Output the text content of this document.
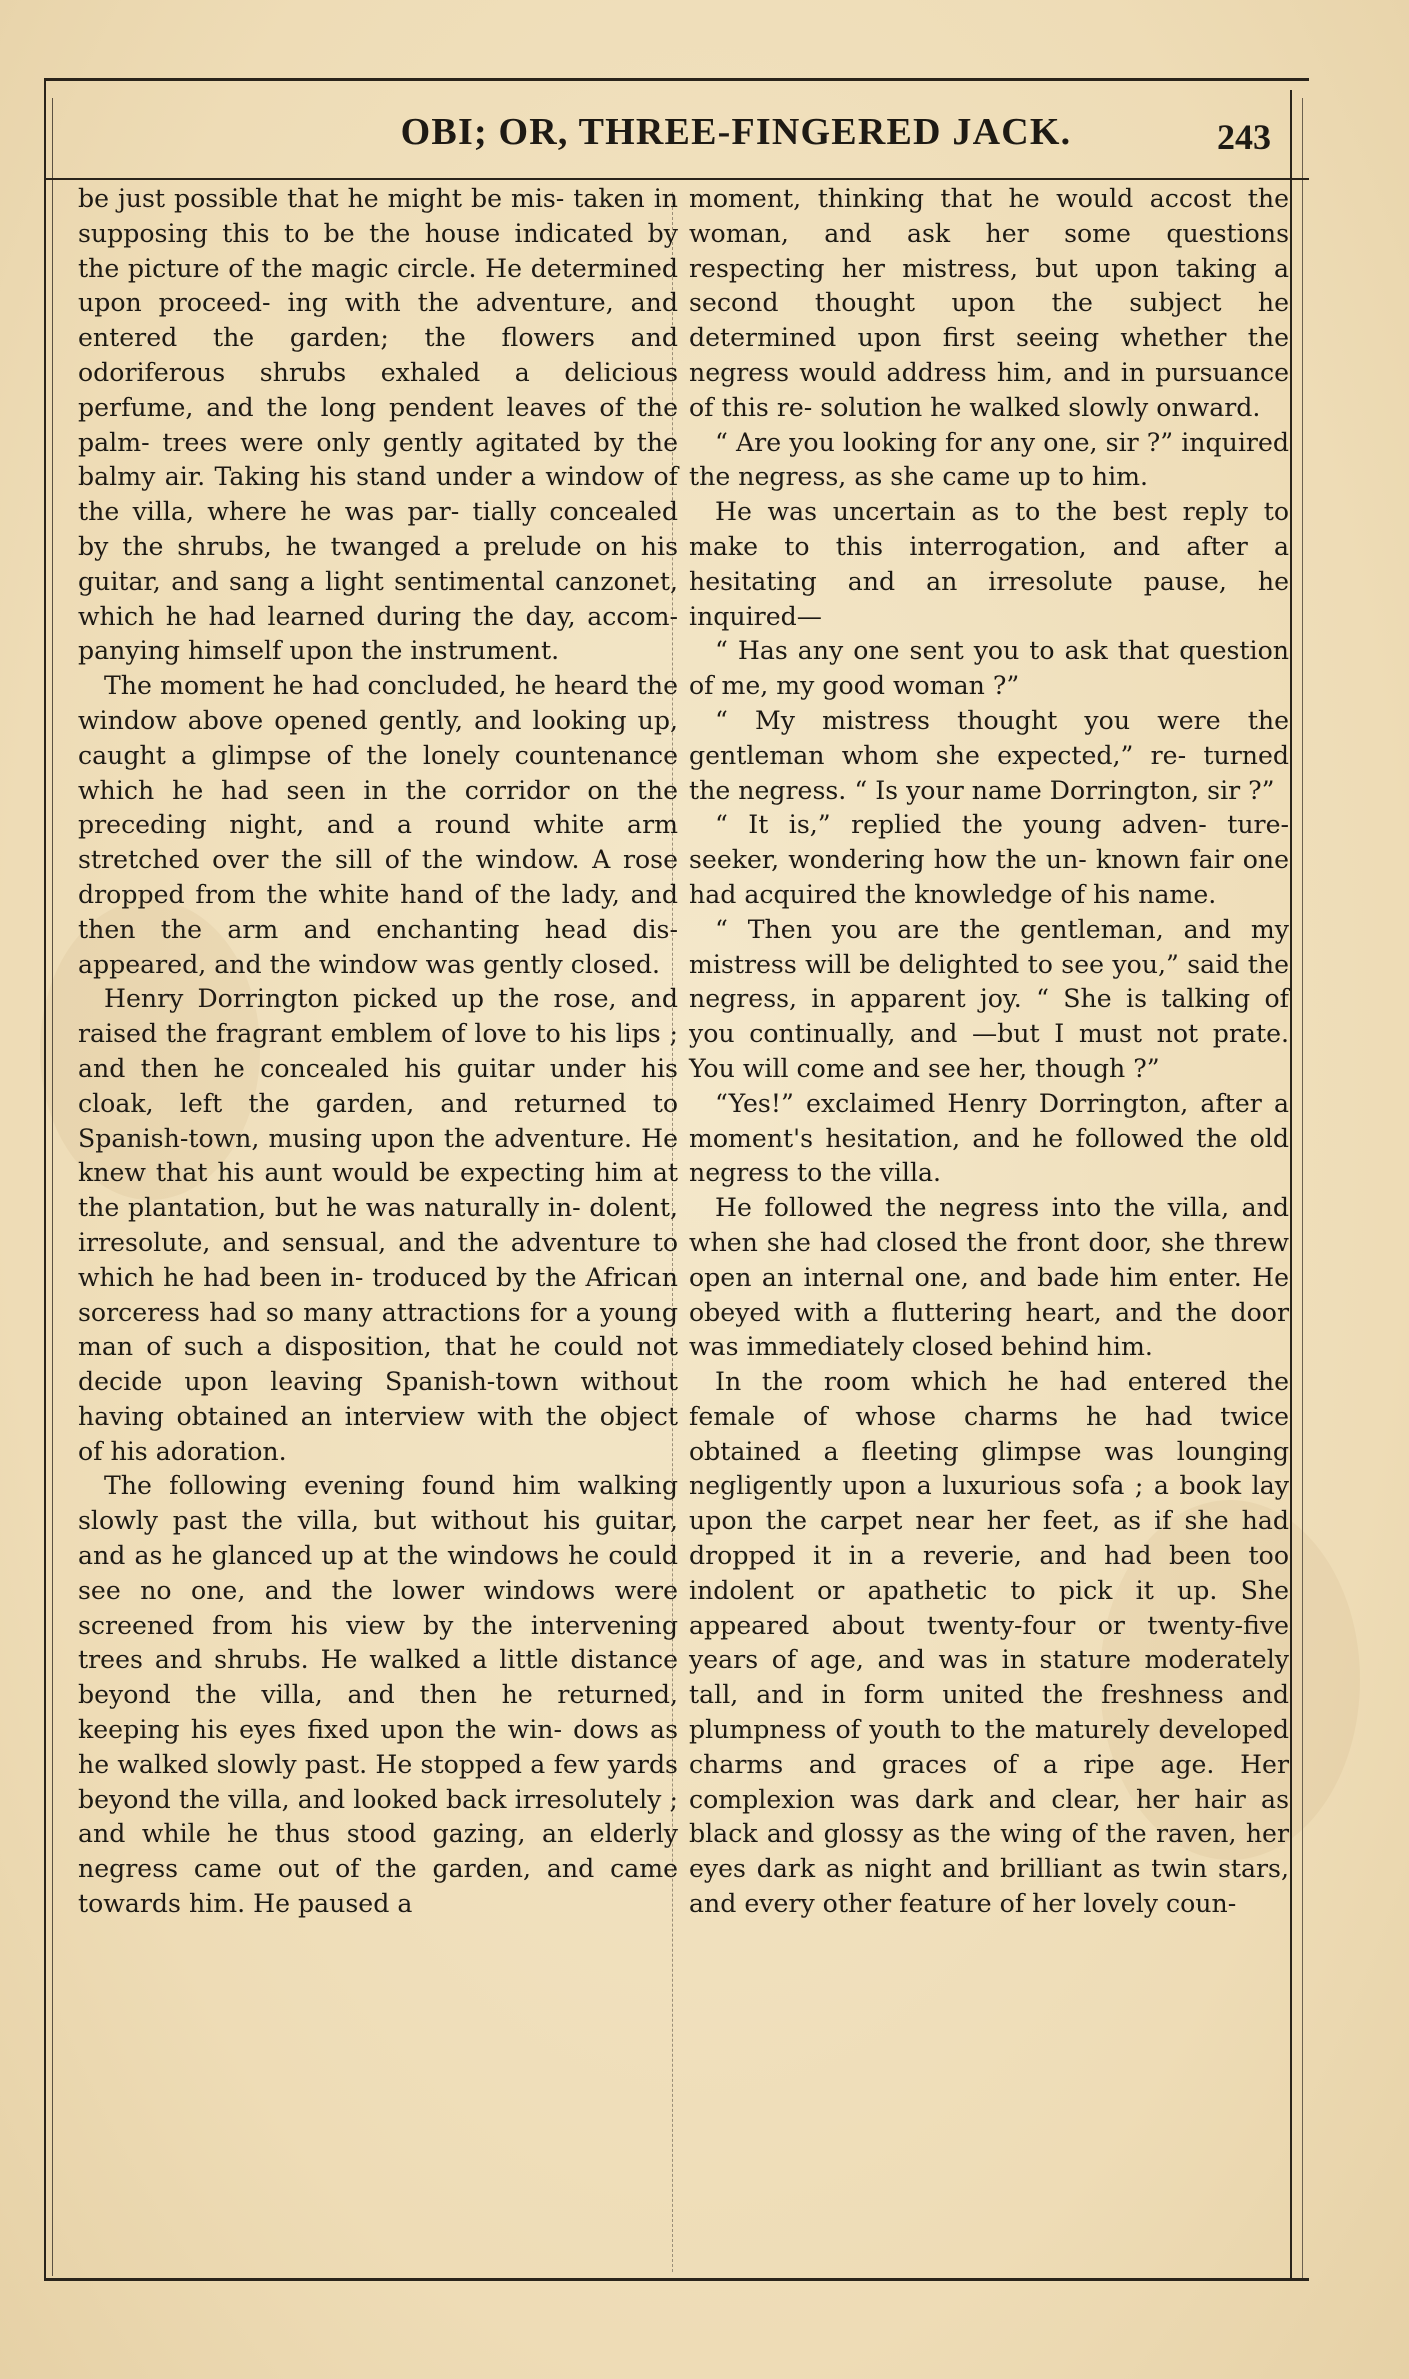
OBI; OR, THREE-FINGERED JACK.	243

be just possible that he might be mis- taken in supposing this to be the house indicated by the picture of the magic circle. He determined upon proceed- ing with the adventure, and entered the garden; the flowers and odoriferous shrubs exhaled a delicious perfume, and the long pendent leaves of the palm- trees were only gently agitated by the balmy air. Taking his stand under a window of the villa, where he was par- tially concealed by the shrubs, he twanged a prelude on his guitar, and sang a light sentimental canzonet, which he had learned during the day, accom- panying himself upon the instrument.

The moment he had concluded, he heard the window above opened gently, and looking up, caught a glimpse of the lonely countenance which he had seen in the corridor on the preceding night, and a round white arm stretched over the sill of the window. A rose dropped from the white hand of the lady, and then the arm and enchanting head dis- appeared, and the window was gently closed.

Henry Dorrington picked up the rose, and raised the fragrant emblem of love to his lips ; and then he concealed his guitar under his cloak, left the garden, and returned to Spanish-town, musing upon the adventure. He knew that his aunt would be expecting him at the plantation, but he was naturally in- dolent, irresolute, and sensual, and the adventure to which he had been in- troduced by the African sorceress had so many attractions for a young man of such a disposition, that he could not decide upon leaving Spanish-town without having obtained an interview with the object of his adoration.

The following evening found him walking slowly past the villa, but without his guitar, and as he glanced up at the windows he could see no one, and the lower windows were screened from his view by the intervening trees and shrubs. He walked a little distance beyond the villa, and then he returned, keeping his eyes fixed upon the win- dows as he walked slowly past. He stopped a few yards beyond the villa, and looked back irresolutely ; and while he thus stood gazing, an elderly negress came out of the garden, and came towards him. He paused a

moment, thinking that he would accost the woman, and ask her some questions respecting her mistress, but upon taking a second thought upon the subject he determined upon first seeing whether the negress would address him, and in pursuance of this re- solution he walked slowly onward.

“ Are you looking for any one, sir ?” inquired the negress, as she came up to him.

He was uncertain as to the best reply to make to this interrogation, and after a hesitating and an irresolute pause, he inquired—

“ Has any one sent you to ask that question of me, my good woman ?”

“ My mistress thought you were the gentleman whom she expected,” re- turned the negress. “ Is your name Dorrington, sir ?”

“ It is,” replied the young adven- ture-seeker, wondering how the un- known fair one had acquired the knowledge of his name.

“ Then you are the gentleman, and my mistress will be delighted to see you,” said the negress, in apparent joy. “ She is talking of you continually, and —but I must not prate. You will come and see her, though ?”

“Yes!” exclaimed Henry Dorrington, after a moment's hesitation, and he followed the old negress to the villa.

He followed the negress into the villa, and when she had closed the front door, she threw open an internal one, and bade him enter. He obeyed with a fluttering heart, and the door was immediately closed behind him.

In the room which he had entered the female of whose charms he had twice obtained a fleeting glimpse was lounging negligently upon a luxurious sofa ; a book lay upon the carpet near her feet, as if she had dropped it in a reverie, and had been too indolent or apathetic to pick it up. She appeared about twenty-four or twenty-five years of age, and was in stature moderately tall, and in form united the freshness and plumpness of youth to the maturely developed charms and graces of a ripe age. Her complexion was dark and clear, her hair as black and glossy as the wing of the raven, her eyes dark as night and brilliant as twin stars, and every other feature of her lovely coun-
